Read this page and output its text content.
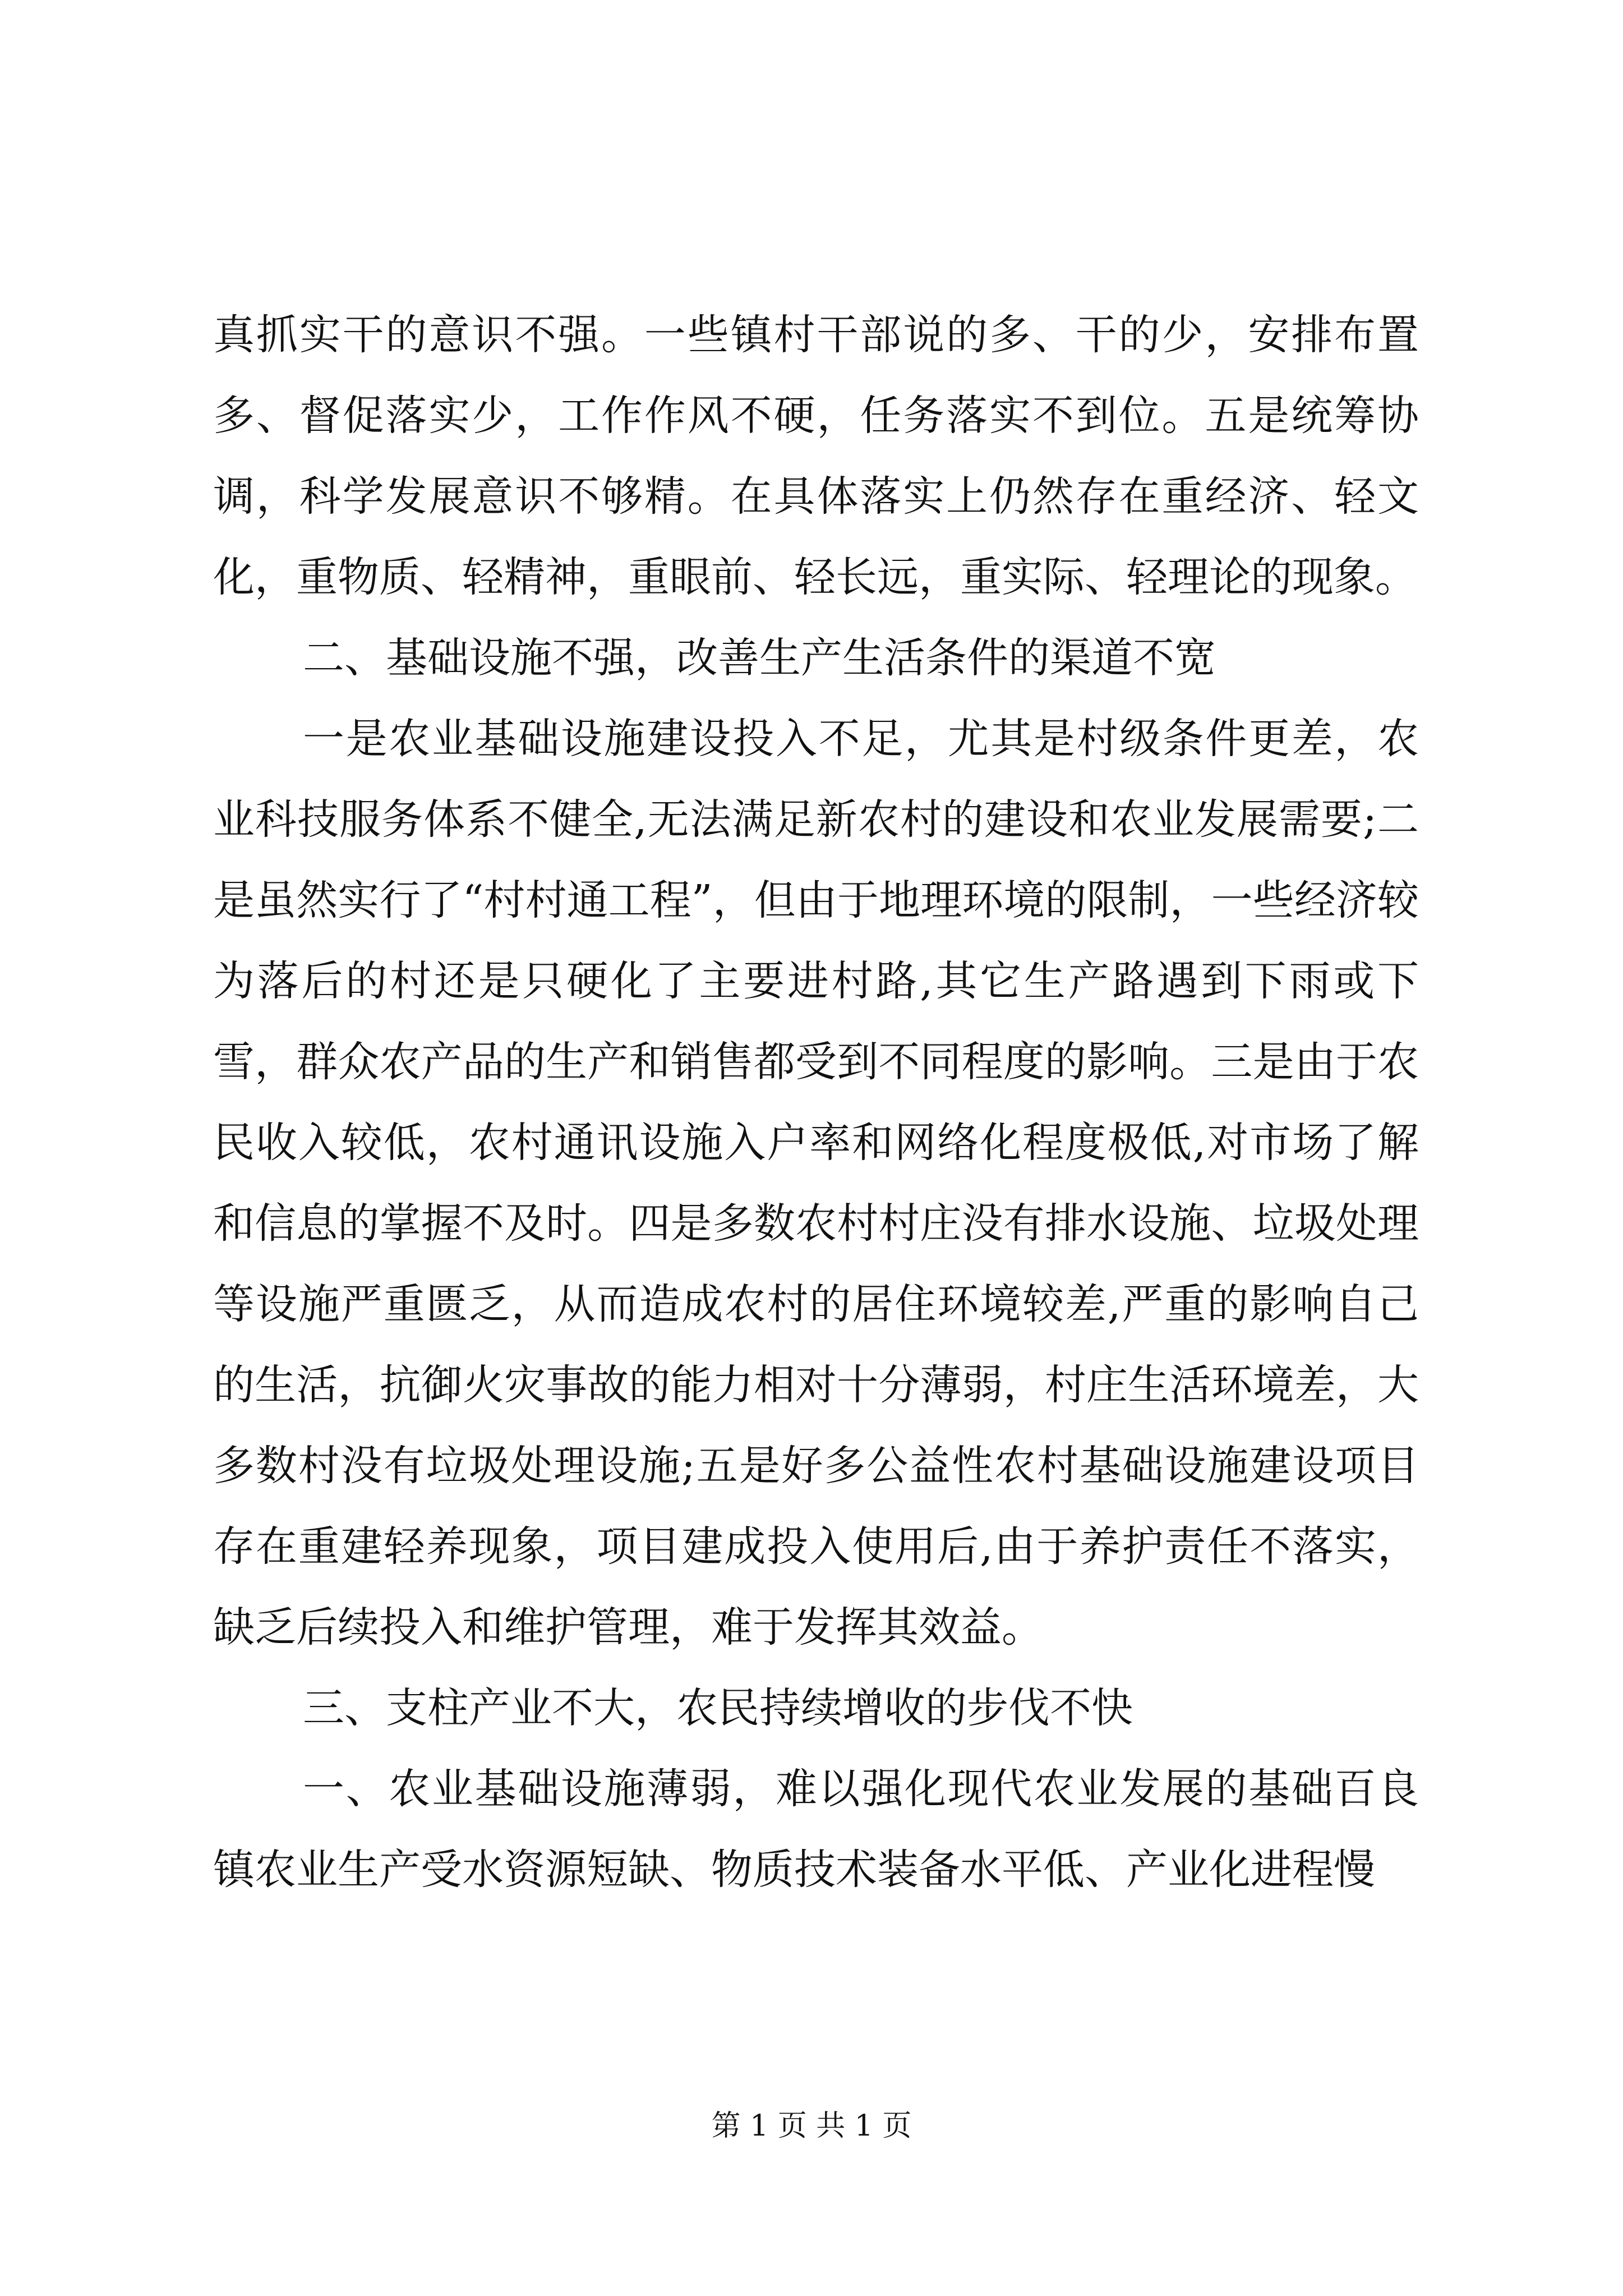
真抓实干的意识不强。一些镇村干部说的多、干的少，安排布置多、督促落实少，工作作风不硬，任务落实不到位。五是统筹协调，科学发展意识不够精。在具体落实上仍然存在重经济、轻文化，重物质、轻精神，重眼前、轻长远，重实际、轻理论的现象。

二、基础设施不强，改善生产生活条件的渠道不宽

一是农业基础设施建设投入不足，尤其是村级条件更差，农业科技服务体系不健全,无法满足新农村的建设和农业发展需要;二是虽然实行了“村村通工程”，但由于地理环境的限制，一些经济较为落后的村还是只硬化了主要进村路,其它生产路遇到下雨或下雪，群众农产品的生产和销售都受到不同程度的影响。三是由于农民收入较低，农村通讯设施入户率和网络化程度极低,对市场了解和信息的掌握不及时。四是多数农村村庄没有排水设施、垃圾处理等设施严重匮乏，从而造成农村的居住环境较差,严重的影响自己的生活，抗御火灾事故的能力相对十分薄弱，村庄生活环境差，大多数村没有垃圾处理设施;五是好多公益性农村基础设施建设项目存在重建轻养现象，项目建成投入使用后,由于养护责任不落实，缺乏后续投入和维护管理，难于发挥其效益。

三、支柱产业不大，农民持续增收的步伐不快

一、农业基础设施薄弱，难以强化现代农业发展的基础百良镇农业生产受水资源短缺、物质技术装备水平低、产业化进程慢

第 1 页 共 1 页
